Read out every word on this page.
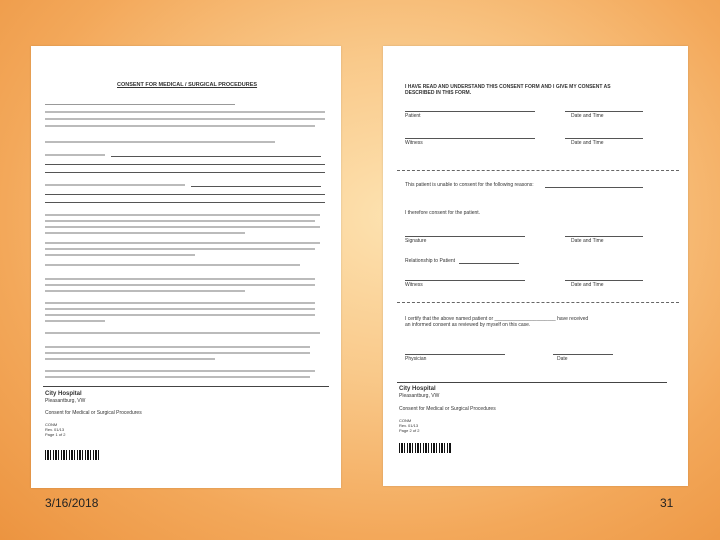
CONSENT FOR MEDICAL / SURGICAL PROCEDURES
City Hospital
Pleasantburg, VW
Consent for Medical or Surgical Procedures
CONM
Rev. 01/13
Page 1 of 2
I HAVE READ AND UNDERSTAND THIS CONSENT FORM AND I GIVE MY CONSENT AS
DESCRIBED IN THIS FORM.
Patient	Date and Time
Witness	Date and Time
This patient is unable to consent for the following reasons:
I therefore consent for the patient.
Signature	Date and Time
Relationship to Patient
Witness	Date and Time
I certify that the above named patient or ______________________ have received
an informed consent as reviewed by myself on this case.
Physician	Date
City Hospital
Pleasantburg, VW
Consent for Medical or Surgical Procedures
CONM
Rev. 01/13
Page 2 of 2
3/16/2018	31
